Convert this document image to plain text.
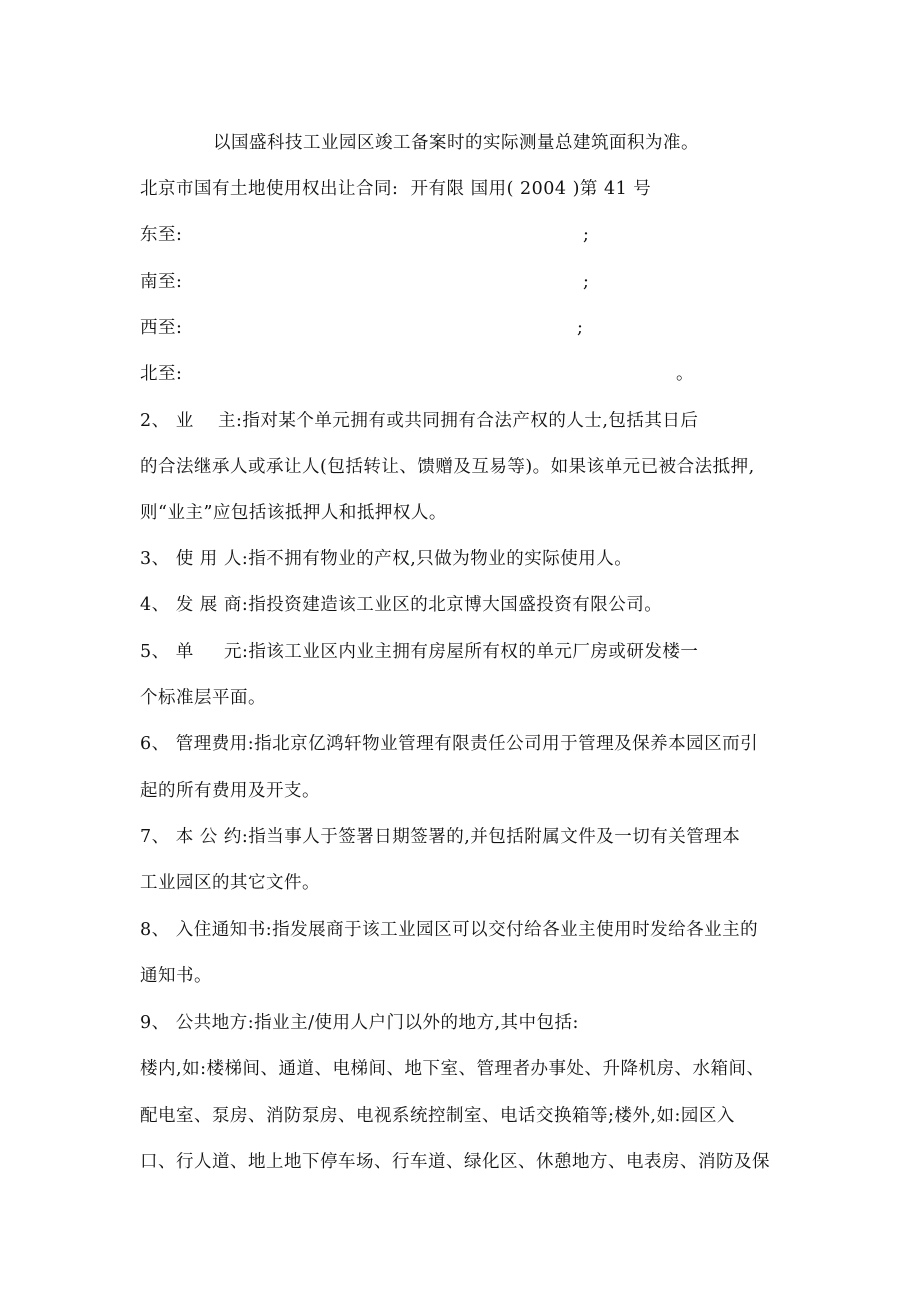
以国盛科技工业园区竣工备案时的实际测量总建筑面积为准。
北京市国有土地使用权出让合同:  开有限 国用( 2004 )第 41 号
东至:	;
南至:	;
西至:	;
北至:	。
2、 业    主:指对某个单元拥有或共同拥有合法产权的人士,包括其日后
的合法继承人或承让人(包括转让、馈赠及互易等)。如果该单元已被合法抵押,
则“业主”应包括该抵押人和抵押权人。
3、 使 用 人:指不拥有物业的产权,只做为物业的实际使用人。
4、 发 展 商:指投资建造该工业区的北京博大国盛投资有限公司。
5、 单     元:指该工业区内业主拥有房屋所有权的单元厂房或研发楼一
个标准层平面。
6、 管理费用:指北京亿鸿轩物业管理有限责任公司用于管理及保养本园区而引
起的所有费用及开支。
7、 本 公 约:指当事人于签署日期签署的,并包括附属文件及一切有关管理本
工业园区的其它文件。
8、 入住通知书:指发展商于该工业园区可以交付给各业主使用时发给各业主的
通知书。
9、 公共地方:指业主/使用人户门以外的地方,其中包括:
楼内,如:楼梯间、通道、电梯间、地下室、管理者办事处、升降机房、水箱间、
配电室、泵房、消防泵房、电视系统控制室、电话交换箱等;楼外,如:园区入
口、行人道、地上地下停车场、行车道、绿化区、休憩地方、电表房、消防及保
